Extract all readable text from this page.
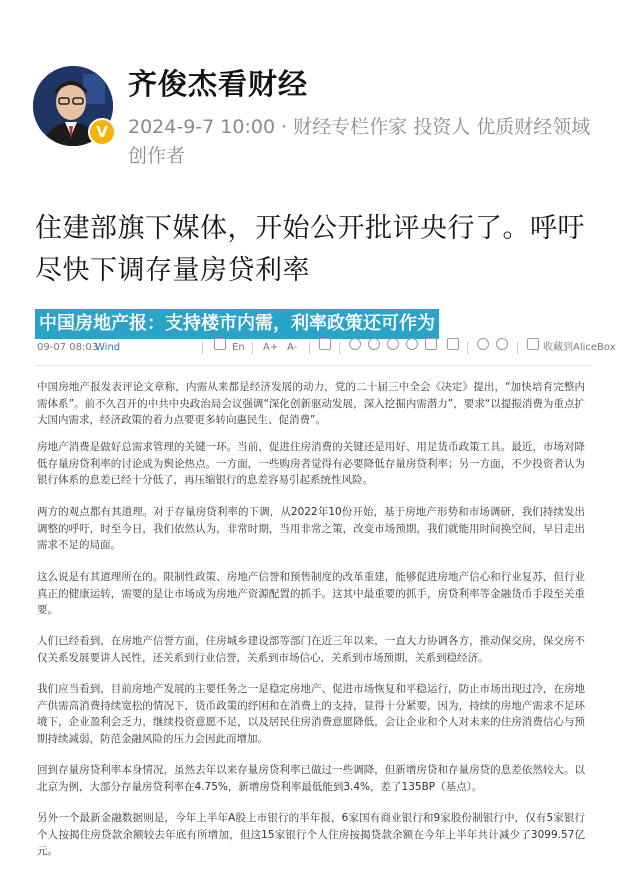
V
齐俊杰看财经
2024-9-7 10:00 · 财经专栏作家 投资人 优质财经领域创作者
住建部旗下媒体，开始公开批评央行了。呼吁尽快下调存量房贷利率
中国房地产报：支持楼市内需，利率政策还可作为
09-07 08:03
Wind	En A+ A-	收藏到AliceBox
中国房地产报发表评论文章称，内需从来都是经济发展的动力，党的二十届三中全会《决定》提出，“加快培育完整内需体系”。前不久召开的中共中央政治局会议强调“深化创新驱动发展，深入挖掘内需潜力”，要求“以提振消费为重点扩大国内需求，经济政策的着力点要更多转向惠民生、促消费”。
房地产消费是做好总需求管理的关键一环。当前，促进住房消费的关键还是用好、用足货币政策工具。最近，市场对降低存量房贷利率的讨论成为舆论热点。一方面，一些购房者觉得有必要降低存量房贷利率；另一方面，不少投资者认为银行体系的息差已经十分低了，再压缩银行的息差容易引起系统性风险。
两方的观点都有其道理。对于存量房贷利率的下调，从2022年10份开始，基于房地产形势和市场调研，我们持续发出调整的呼吁，时至今日，我们依然认为，非常时期，当用非常之策，改变市场预期，我们就能用时间换空间，早日走出需求不足的局面。
这么说是有其道理所在的。限制性政策、房地产信誉和预售制度的改革重建，能够促进房地产信心和行业复苏，但行业真正的健康运转，需要的是让市场成为房地产资源配置的抓手。这其中最重要的抓手，房贷利率等金融货币手段至关重要。
人们已经看到，在房地产信誉方面，住房城乡建设部等部门在近三年以来，一直大力协调各方，推动保交房，保交房不仅关系发展要讲人民性，还关系到行业信誉，关系到市场信心，关系到市场预期，关系到稳经济。
我们应当看到，目前房地产发展的主要任务之一是稳定房地产、促进市场恢复和平稳运行，防止市场出现过冷，在房地产供需高消费持续宽松的情况下，货币政策的纾困和在消费上的支持，显得十分紧要，因为，持续的房地产需求不足环境下，企业盈利会乏力，继续投资意愿不足，以及居民住房消费意愿降低，会让企业和个人对未来的住房消费信心与预期持续减弱，防范金融风险的压力会因此而增加。
回到存量房贷利率本身情况，虽然去年以来存量房贷利率已做过一些调降，但新增房贷和存量房贷的息差依然较大。以北京为例，大部分存量房贷利率在4.75%，新增房贷利率最低能到3.4%，差了135BP（基点）。
另外一个最新金融数据则是，今年上半年A股上市银行的半年报，6家国有商业银行和9家股份制银行中，仅有5家银行个人按揭住房贷款余额较去年底有所增加，但这15家银行个人住房按揭贷款余额在今年上半年共计减少了3099.57亿元。
